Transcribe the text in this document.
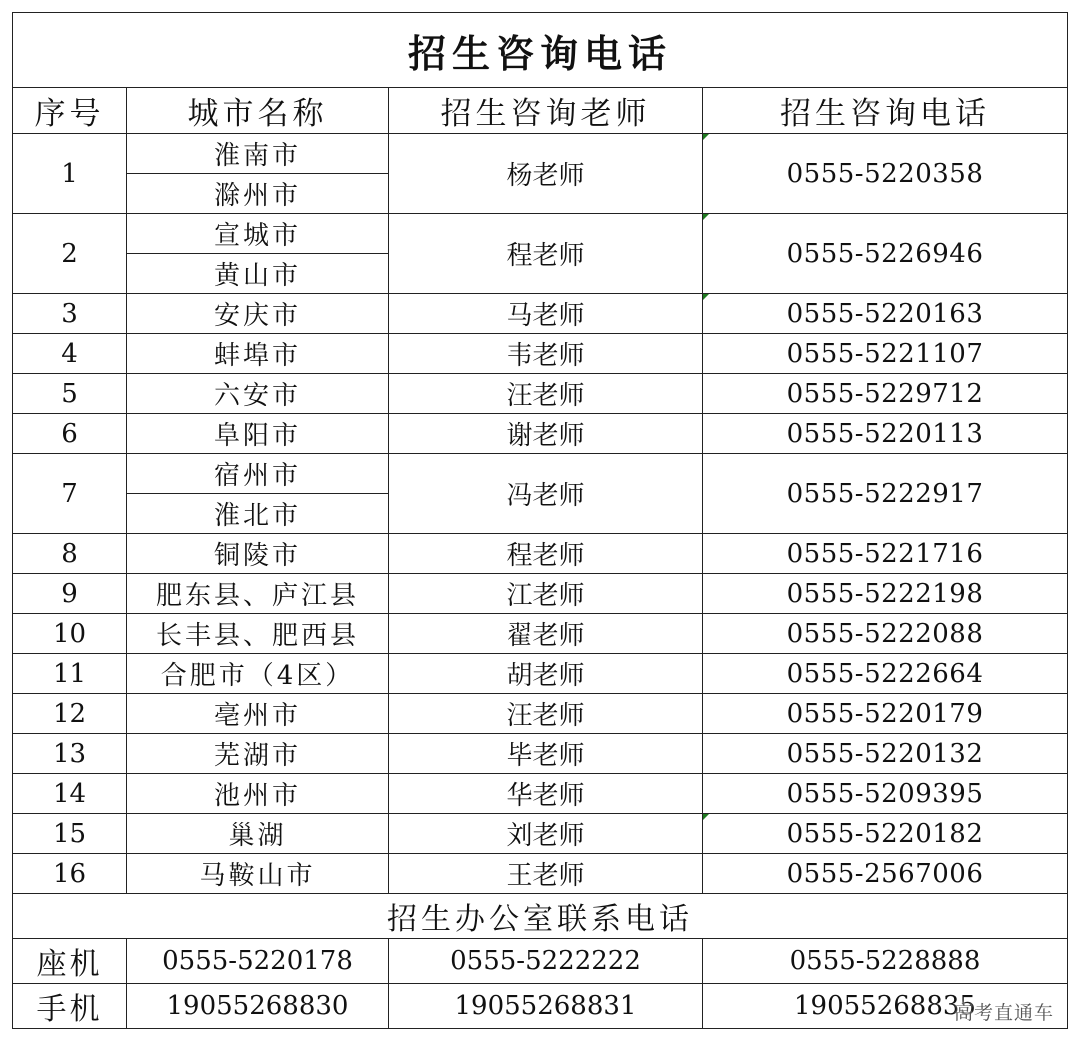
招生咨询电话			
序号	城市名称	招生咨询老师	招生咨询电话
1	淮南市	杨老师	0555-5220358
	滁州市		
2	宣城市	程老师	0555-5226946
	黄山市		
3	安庆市	马老师	0555-5220163
4	蚌埠市	韦老师	0555-5221107
5	六安市	汪老师	0555-5229712
6	阜阳市	谢老师	0555-5220113
7	宿州市	冯老师	0555-5222917
	淮北市		
8	铜陵市	程老师	0555-5221716
9	肥东县、庐江县	江老师	0555-5222198
10	长丰县、肥西县	翟老师	0555-5222088
11	合肥市（4区）	胡老师	0555-5222664
12	亳州市	汪老师	0555-5220179
13	芜湖市	毕老师	0555-5220132
14	池州市	华老师	0555-5209395
15	巢湖	刘老师	0555-5220182
16	马鞍山市	王老师	0555-2567006
招生办公室联系电话			
座机	0555-5220178	0555-5222222	0555-5228888
手机	19055268830	19055268831	19055268835
高考直通车
